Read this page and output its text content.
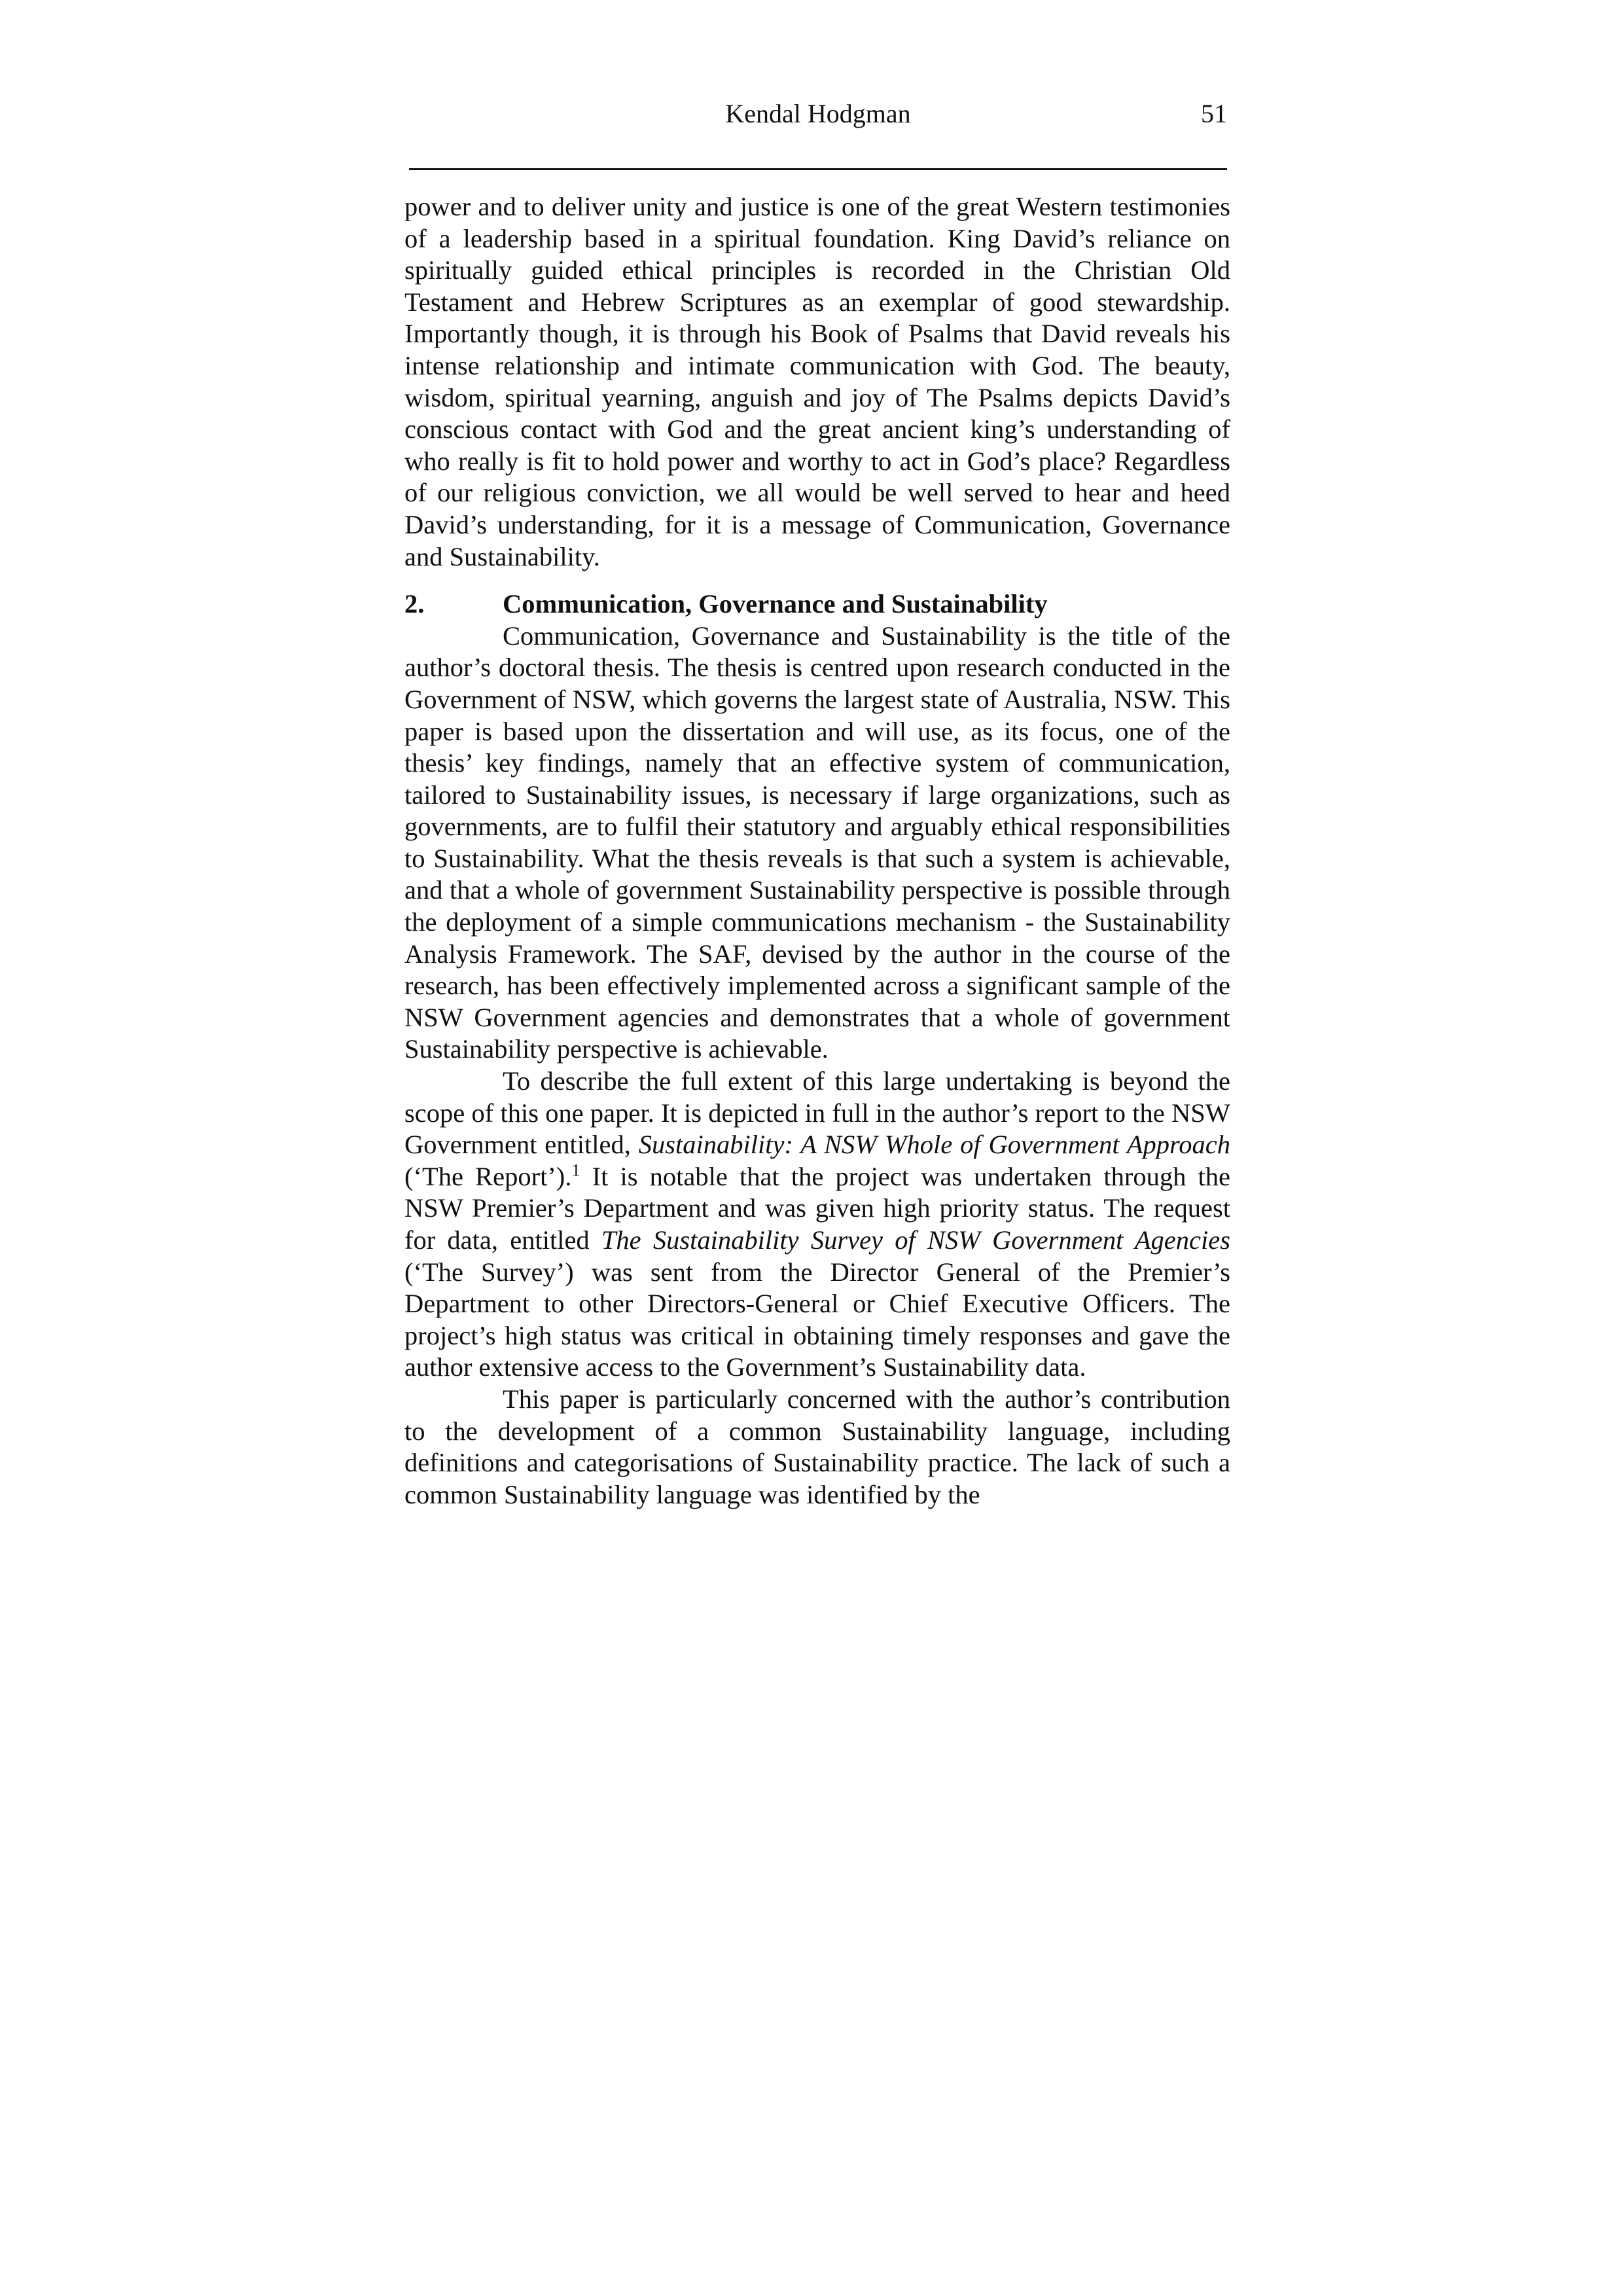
Kendal Hodgman	51

power and to deliver unity and justice is one of the great Western testimonies of a leadership based in a spiritual foundation. King David’s reliance on spiritually guided ethical principles is recorded in the Christian Old Testament and Hebrew Scriptures as an exemplar of good stewardship. Importantly though, it is through his Book of Psalms that David reveals his intense relationship and intimate communication with God. The beauty, wisdom, spiritual yearning, anguish and joy of The Psalms depicts David’s conscious contact with God and the great ancient king’s understanding of who really is fit to hold power and worthy to act in God’s place? Regardless of our religious conviction, we all would be well served to hear and heed David’s understanding, for it is a message of Communication, Governance and Sustainability.

2.	Communication, Governance and Sustainability

Communication, Governance and Sustainability is the title of the author’s doctoral thesis. The thesis is centred upon research conducted in the Government of NSW, which governs the largest state of Australia, NSW. This paper is based upon the dissertation and will use, as its focus, one of the thesis’ key findings, namely that an effective system of communication, tailored to Sustainability issues, is necessary if large organizations, such as governments, are to fulfil their statutory and arguably ethical responsibilities to Sustainability. What the thesis reveals is that such a system is achievable, and that a whole of government Sustainability perspective is possible through the deployment of a simple communications mechanism - the Sustainability Analysis Framework. The SAF, devised by the author in the course of the research, has been effectively implemented across a significant sample of the NSW Government agencies and demonstrates that a whole of government Sustainability perspective is achievable.

To describe the full extent of this large undertaking is beyond the scope of this one paper. It is depicted in full in the author’s report to the NSW Government entitled, Sustainability: A NSW Whole of Government Approach (‘The Report’).$^1$ It is notable that the project was undertaken through the NSW Premier’s Department and was given high priority status. The request for data, entitled The Sustainability Survey of NSW Government Agencies (‘The Survey’) was sent from the Director General of the Premier’s Department to other Directors-General or Chief Executive Officers. The project’s high status was critical in obtaining timely responses and gave the author extensive access to the Government’s Sustainability data.

This paper is particularly concerned with the author’s contribution to the development of a common Sustainability language, including definitions and categorisations of Sustainability practice. The lack of such a common Sustainability language was identified by the
